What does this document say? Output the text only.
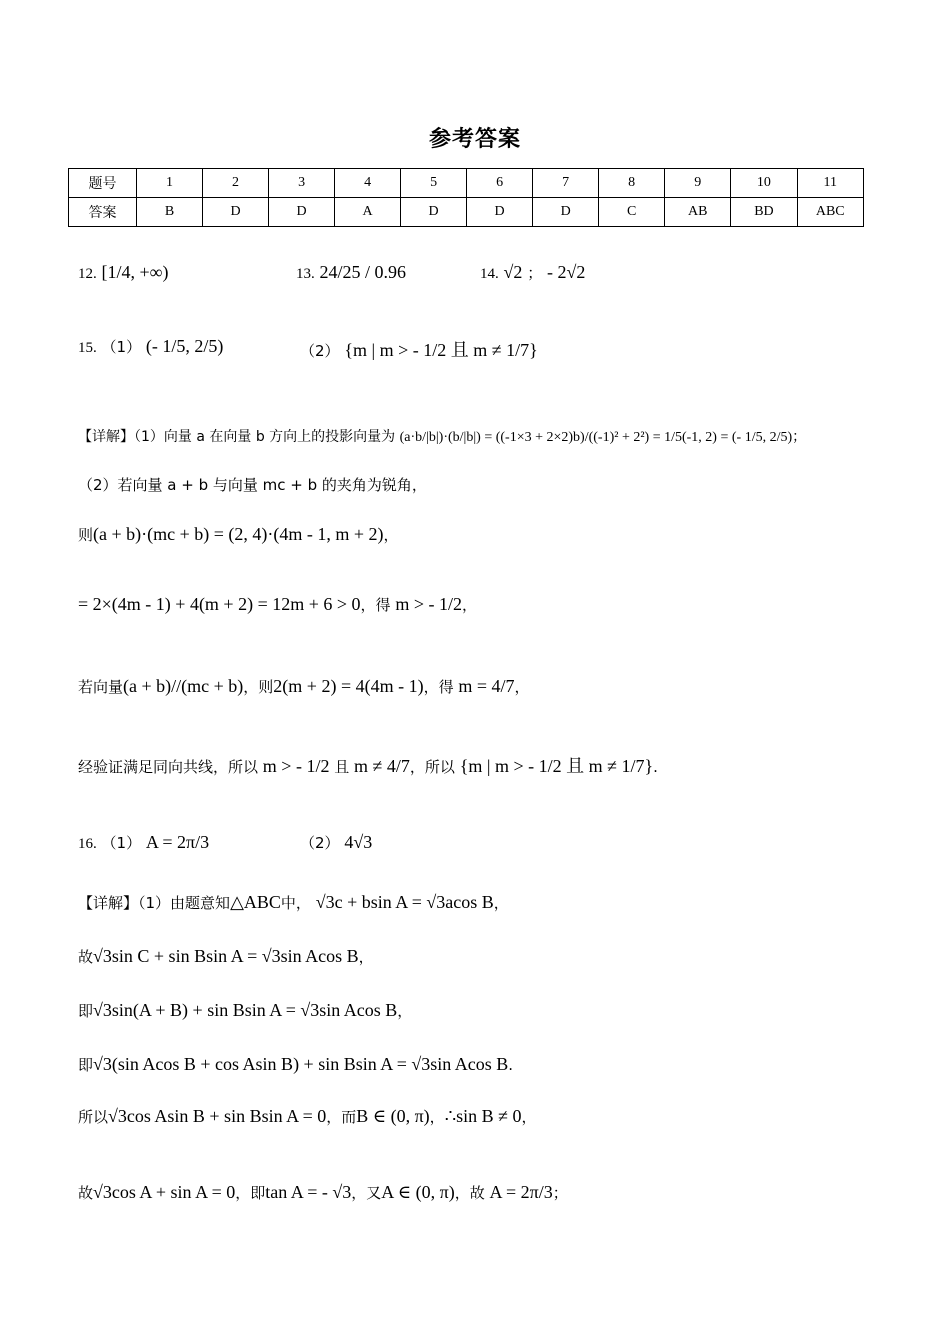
参考答案
题号	1	2	3	4	5	6	7	8	9	10	11
答案	B	D	D	A	D	D	D	C	AB	BD	ABC
12. [1/4, +∞)	13. 24/25 / 0.96	14. √2 ； - 2√2
15. （1） (- 1/5, 2/5)	（2） {m | m > - 1/2 且 m ≠ 1/7}
【详解】（1）向量 a 在向量 b 方向上的投影向量为 (a·b/|b|)·(b/|b|) = ((-1×3 + 2×2)b)/((-1)² + 2²) = 1/5(-1, 2) = (- 1/5, 2/5)；
（2）若向量 a + b 与向量 mc + b 的夹角为锐角，
则(a + b)·(mc + b) = (2, 4)·(4m - 1, m + 2)，
= 2×(4m - 1) + 4(m + 2) = 12m + 6 > 0，得 m > - 1/2，
若向量(a + b)//(mc + b)，则2(m + 2) = 4(4m - 1)，得 m = 4/7，
经验证满足同向共线，所以 m > - 1/2 且 m ≠ 4/7，所以 {m | m > - 1/2 且 m ≠ 1/7}.
16. （1） A = 2π/3	（2） 4√3
【详解】（1）由题意知△ABC中， √3c + bsin A = √3acos B，
故√3sin C + sin Bsin A = √3sin Acos B，
即√3sin(A + B) + sin Bsin A = √3sin Acos B，
即√3(sin Acos B + cos Asin B) + sin Bsin A = √3sin Acos B.
所以√3cos Asin B + sin Bsin A = 0，而B ∈ (0, π)，∴sin B ≠ 0，
故√3cos A + sin A = 0，即tan A = - √3，又A ∈ (0, π)，故 A = 2π/3；
